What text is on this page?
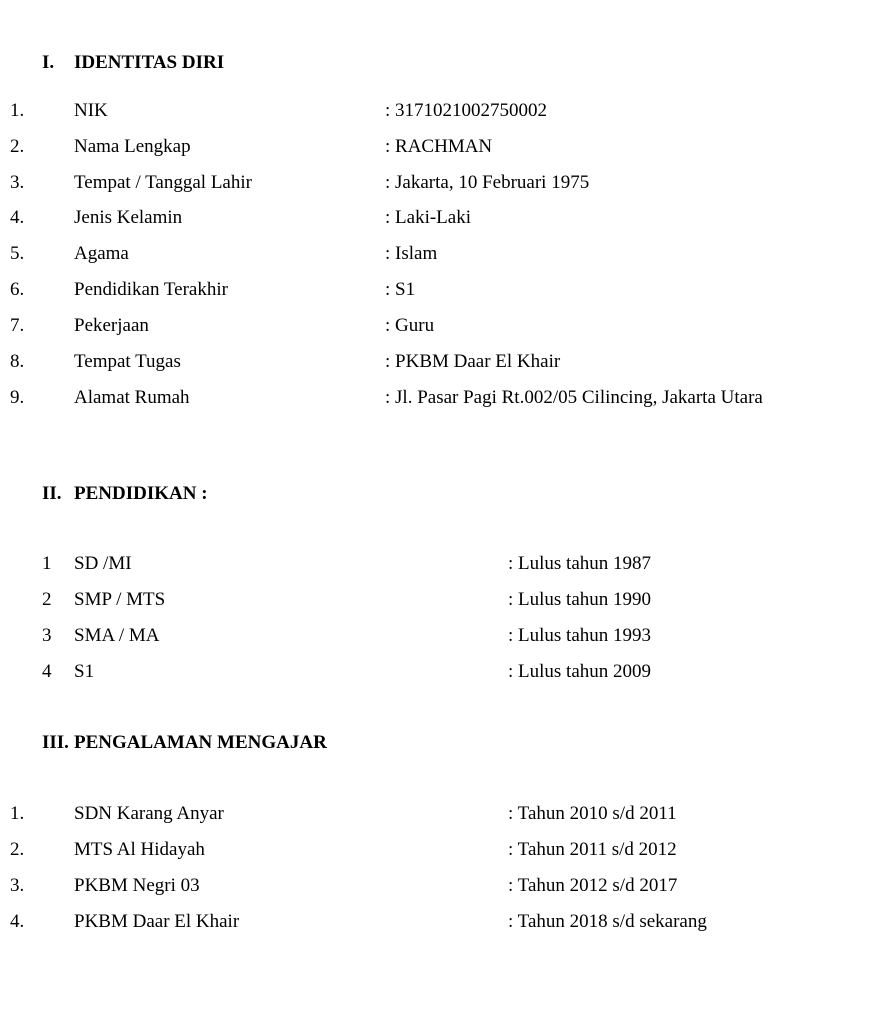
I. IDENTITAS DIRI
1.	NIK	: 3171021002750002
2.	Nama Lengkap	: RACHMAN
3.	Tempat / Tanggal Lahir	: Jakarta, 10 Februari 1975
4.	Jenis Kelamin	: Laki-Laki
5.	Agama	: Islam
6.	Pendidikan Terakhir	: S1
7.	Pekerjaan	: Guru
8.	Tempat Tugas	: PKBM Daar El Khair
9.	Alamat Rumah	: Jl. Pasar Pagi Rt.002/05 Cilincing, Jakarta Utara
II. PENDIDIKAN :
1 SD /MI	: Lulus tahun 1987
2 SMP / MTS	: Lulus tahun 1990
3 SMA / MA	: Lulus tahun 1993
4 S1	: Lulus tahun 2009
III. PENGALAMAN MENGAJAR
1.	SDN Karang Anyar	: Tahun 2010 s/d 2011
2.	MTS Al Hidayah	: Tahun 2011 s/d 2012
3.	PKBM Negri 03	: Tahun 2012 s/d 2017
4.	PKBM Daar El Khair	: Tahun 2018 s/d sekarang
